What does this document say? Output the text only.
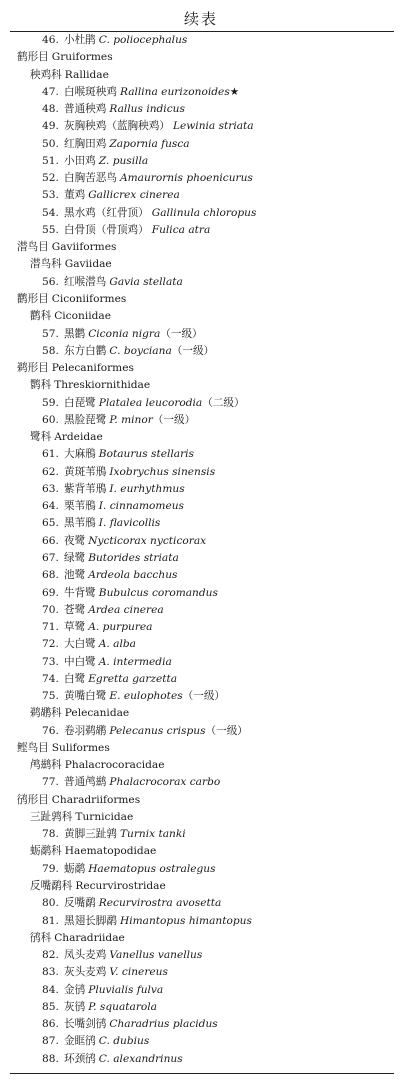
续表
46. 小杜鹃 C. poliocephalus
鹤形目 Gruiformes
秧鸡科 Rallidae
47. 白喉斑秧鸡 Rallina eurizonoides★
48. 普通秧鸡 Rallus indicus
49. 灰胸秧鸡（蓝胸秧鸡） Lewinia striata
50. 红胸田鸡 Zapornia fusca
51. 小田鸡 Z. pusilla
52. 白胸苦恶鸟 Amaurornis phoenicurus
53. 董鸡 Gallicrex cinerea
54. 黑水鸡（红骨顶） Gallinula chloropus
55. 白骨顶（骨顶鸡） Fulica atra
潜鸟目 Gaviiformes
潜鸟科 Gaviidae
56. 红喉潜鸟 Gavia stellata
鹳形目 Ciconiiformes
鹳科 Ciconiidae
57. 黑鹳 Ciconia nigra（一级）
58. 东方白鹳 C. boyciana（一级）
鹈形目 Pelecaniformes
鹮科 Threskiornithidae
59. 白琵鹭 Platalea leucorodia（二级）
60. 黑脸琵鹭 P. minor（一级）
鹭科 Ardeidae
61. 大麻鳽 Botaurus stellaris
62. 黄斑苇鳽 Ixobrychus sinensis
63. 紫背苇鳽 I. eurhythmus
64. 栗苇鳽 I. cinnamomeus
65. 黑苇鳽 I. flavicollis
66. 夜鹭 Nycticorax nycticorax
67. 绿鹭 Butorides striata
68. 池鹭 Ardeola bacchus
69. 牛背鹭 Bubulcus coromandus
70. 苍鹭 Ardea cinerea
71. 草鹭 A. purpurea
72. 大白鹭 A. alba
73. 中白鹭 A. intermedia
74. 白鹭 Egretta garzetta
75. 黄嘴白鹭 E. eulophotes（一级）
鹈鹕科 Pelecanidae
76. 卷羽鹈鹕 Pelecanus crispus（一级）
鲣鸟目 Suliformes
鸬鹚科 Phalacrocoracidae
77. 普通鸬鹚 Phalacrocorax carbo
鸻形目 Charadriiformes
三趾鹑科 Turnicidae
78. 黄脚三趾鹑 Turnix tanki
蛎鹬科 Haematopodidae
79. 蛎鹬 Haematopus ostralegus
反嘴鹬科 Recurvirostridae
80. 反嘴鹬 Recurvirostra avosetta
81. 黑翅长脚鹬 Himantopus himantopus
鸻科 Charadriidae
82. 凤头麦鸡 Vanellus vanellus
83. 灰头麦鸡 V. cinereus
84. 金鸻 Pluvialis fulva
85. 灰鸻 P. squatarola
86. 长嘴剑鸻 Charadrius placidus
87. 金眶鸻 C. dubius
88. 环颈鸻 C. alexandrinus
